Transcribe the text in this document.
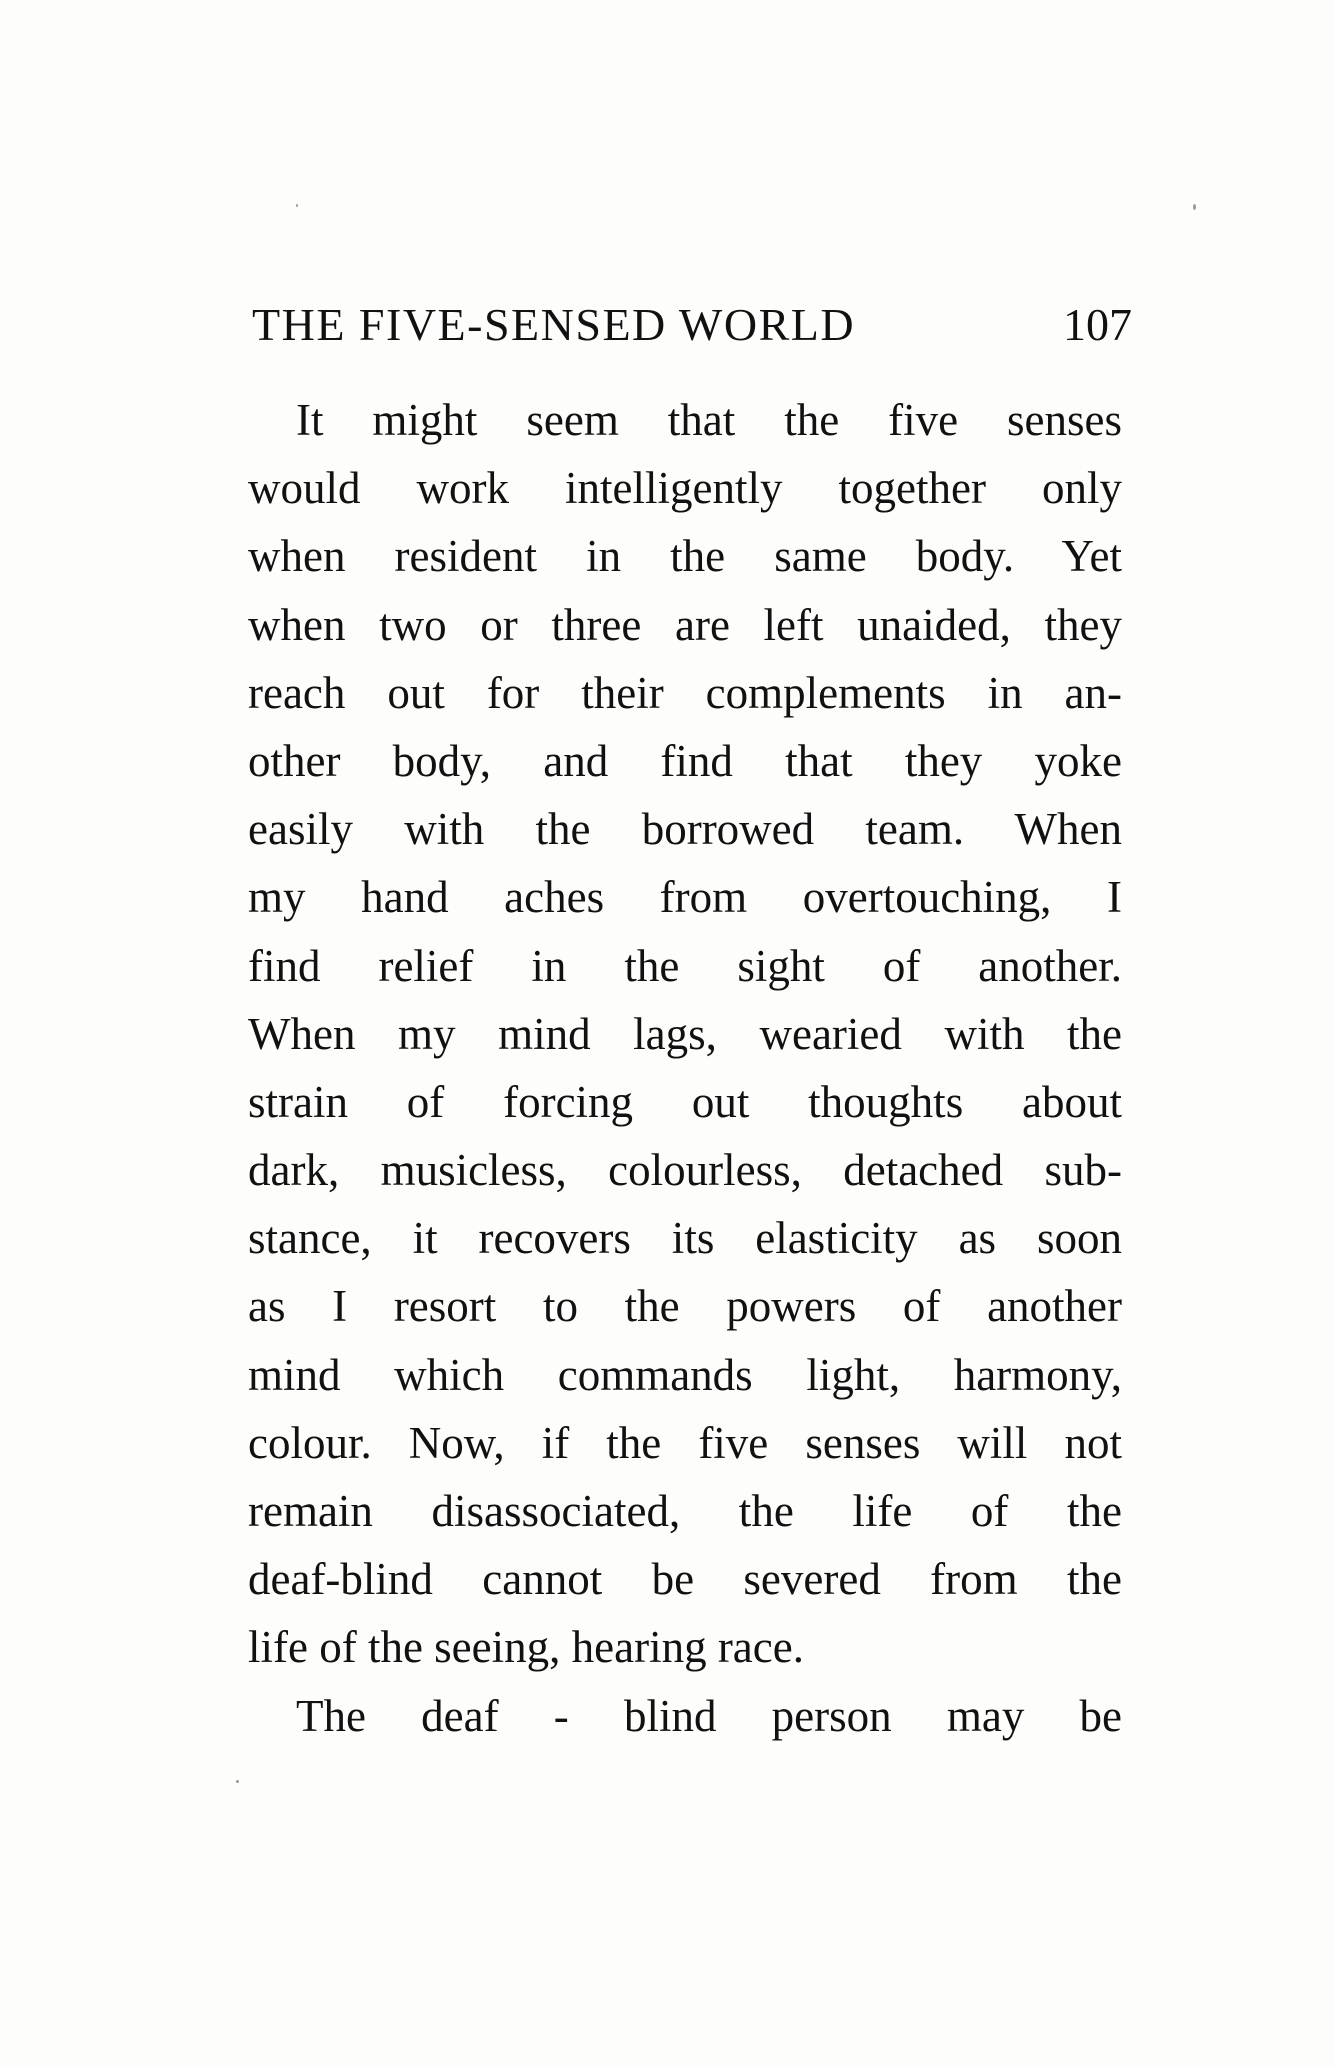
THE FIVE-SENSED WORLD	107
It might seem that the five senses
would work intelligently together only
when resident in the same body. Yet
when two or three are left unaided, they
reach out for their complements in an-
other body, and find that they yoke
easily with the borrowed team. When
my hand aches from overtouching, I
find relief in the sight of another.
When my mind lags, wearied with the
strain of forcing out thoughts about
dark, musicless, colourless, detached sub-
stance, it recovers its elasticity as soon
as I resort to the powers of another
mind which commands light, harmony,
colour. Now, if the five senses will not
remain disassociated, the life of the
deaf-blind cannot be severed from the
life of the seeing, hearing race.
The deaf - blind person may be
